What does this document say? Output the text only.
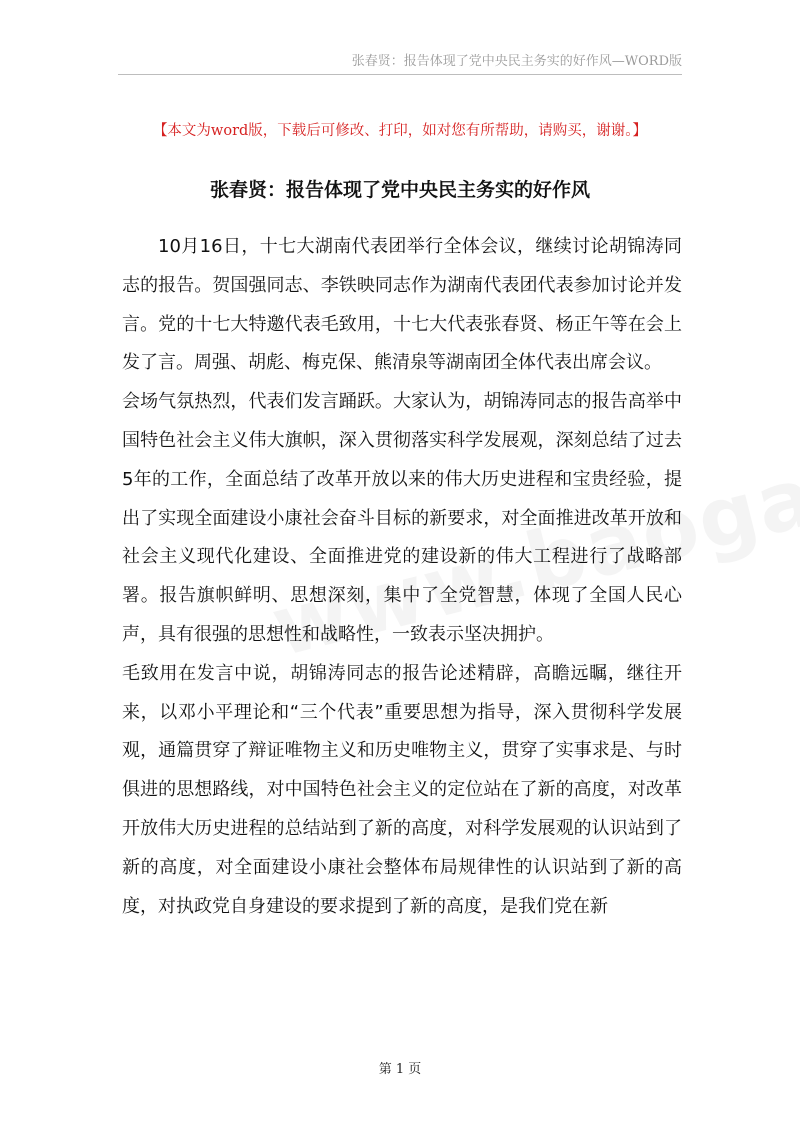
张春贤：报告体现了党中央民主务实的好作风—WORD版
【本文为word版，下载后可修改、打印，如对您有所帮助，请购买，谢谢。】
张春贤：报告体现了党中央民主务实的好作风

10月16日，十七大湖南代表团举行全体会议，继续讨论胡锦涛同志的报告。贺国强同志、李铁映同志作为湖南代表团代表参加讨论并发言。党的十七大特邀代表毛致用，十七大代表张春贤、杨正午等在会上发了言。周强、胡彪、梅克保、熊清泉等湖南团全体代表出席会议。

会场气氛热烈，代表们发言踊跃。大家认为，胡锦涛同志的报告高举中国特色社会主义伟大旗帜，深入贯彻落实科学发展观，深刻总结了过去5年的工作，全面总结了改革开放以来的伟大历史进程和宝贵经验，提出了实现全面建设小康社会奋斗目标的新要求，对全面推进改革开放和社会主义现代化建设、全面推进党的建设新的伟大工程进行了战略部署。报告旗帜鲜明、思想深刻，集中了全党智慧，体现了全国人民心声，具有很强的思想性和战略性，一致表示坚决拥护。

毛致用在发言中说，胡锦涛同志的报告论述精辟，高瞻远瞩，继往开来，以邓小平理论和“三个代表”重要思想为指导，深入贯彻科学发展观，通篇贯穿了辩证唯物主义和历史唯物主义，贯穿了实事求是、与时俱进的思想路线，对中国特色社会主义的定位站在了新的高度，对改革开放伟大历史进程的总结站到了新的高度，对科学发展观的认识站到了新的高度，对全面建设小康社会整体布局规律性的认识站到了新的高度，对执政党自身建设的要求提到了新的高度，是我们党在新

第 1 页
